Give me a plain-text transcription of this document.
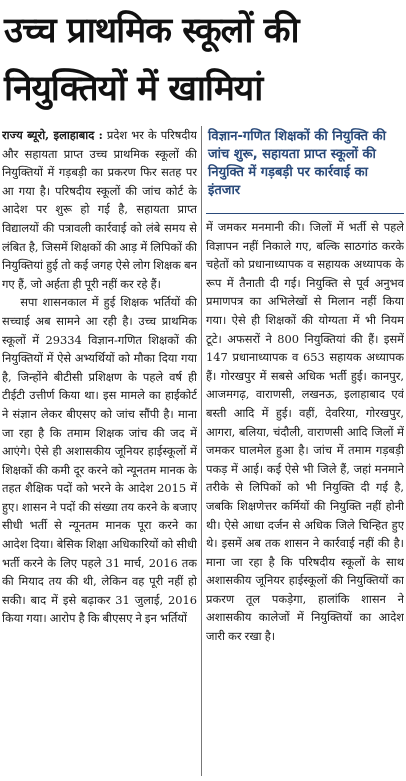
उच्च प्राथमिक स्कूलों की नियुक्तियों में खामियां

राज्य ब्यूरो, इलाहाबाद : प्रदेश भर के परिषदीय और सहायता प्राप्त उच्च प्राथमिक स्कूलों की नियुक्तियों में गड़बड़ी का प्रकरण फिर सतह पर आ गया है। परिषदीय स्कूलों की जांच कोर्ट के आदेश पर शुरू हो गई है, सहायता प्राप्त विद्यालयों की पत्रावली कार्रवाई को लंबे समय से लंबित है, जिसमें शिक्षकों की आड़ में लिपिकों की नियुक्तियां हुई तो कई जगह ऐसे लोग शिक्षक बन गए हैं, जो अर्हता ही पूरी नहीं कर रहे हैं।

सपा शासनकाल में हुई शिक्षक भर्तियों की सच्चाई अब सामने आ रही है। उच्च प्राथमिक स्कूलों में 29334 विज्ञान-गणित शिक्षकों की नियुक्तियों में ऐसे अभ्यर्थियों को मौका दिया गया है, जिन्होंने बीटीसी प्रशिक्षण के पहले वर्ष ही टीईटी उत्तीर्ण किया था। इस मामले का हाईकोर्ट ने संज्ञान लेकर बीएसए को जांच सौंपी है। माना जा रहा है कि तमाम शिक्षक जांच की जद में आएंगे। ऐसे ही अशासकीय जूनियर हाईस्कूलों में शिक्षकों की कमी दूर करने को न्यूनतम मानक के तहत शैक्षिक पदों को भरने के आदेश 2015 में हुए। शासन ने पदों की संख्या तय करने के बजाए सीधी भर्ती से न्यूनतम मानक पूरा करने का आदेश दिया। बेसिक शिक्षा अधिकारियों को सीधी भर्ती करने के लिए पहले 31 मार्च, 2016 तक की मियाद तय की थी, लेकिन वह पूरी नहीं हो सकी। बाद में इसे बढ़ाकर 31 जुलाई, 2016 किया गया। आरोप है कि बीएसए ने इन भर्तियों

विज्ञान-गणित शिक्षकों की नियुक्ति की जांच शुरू, सहायता प्राप्त स्कूलों की नियुक्ति में गड़बड़ी पर कार्रवाई का इंतजार

में जमकर मनमानी की। जिलों में भर्ती से पहले विज्ञापन नहीं निकाले गए, बल्कि साठगांठ करके चहेतों को प्रधानाध्यापक व सहायक अध्यापक के रूप में तैनाती दी गई। नियुक्ति से पूर्व अनुभव प्रमाणपत्र का अभिलेखों से मिलान नहीं किया गया। ऐसे ही शिक्षकों की योग्यता में भी नियम टूटे। अफसरों ने 800 नियुक्तियां की हैं। इसमें 147 प्रधानाध्यापक व 653 सहायक अध्यापक हैं। गोरखपुर में सबसे अधिक भर्ती हुई। कानपुर, आजमगढ़, वाराणसी, लखनऊ, इलाहाबाद एवं बस्ती आदि में हुई। वहीं, देवरिया, गोरखपुर, आगरा, बलिया, चंदौली, वाराणसी आदि जिलों में जमकर घालमेल हुआ है। जांच में तमाम गड़बड़ी पकड़ में आई। कई ऐसे भी जिले हैं, जहां मनमाने तरीके से लिपिकों को भी नियुक्ति दी गई है, जबकि शिक्षणेत्तर कर्मियों की नियुक्ति नहीं होनी थी। ऐसे आधा दर्जन से अधिक जिले चिन्हित हुए थे। इसमें अब तक शासन ने कार्रवाई नहीं की है। माना जा रहा है कि परिषदीय स्कूलों के साथ अशासकीय जूनियर हाईस्कूलों की नियुक्तियों का प्रकरण तूल पकड़ेगा, हालांकि शासन ने अशासकीय कालेजों में नियुक्तियों का आदेश जारी कर रखा है।
